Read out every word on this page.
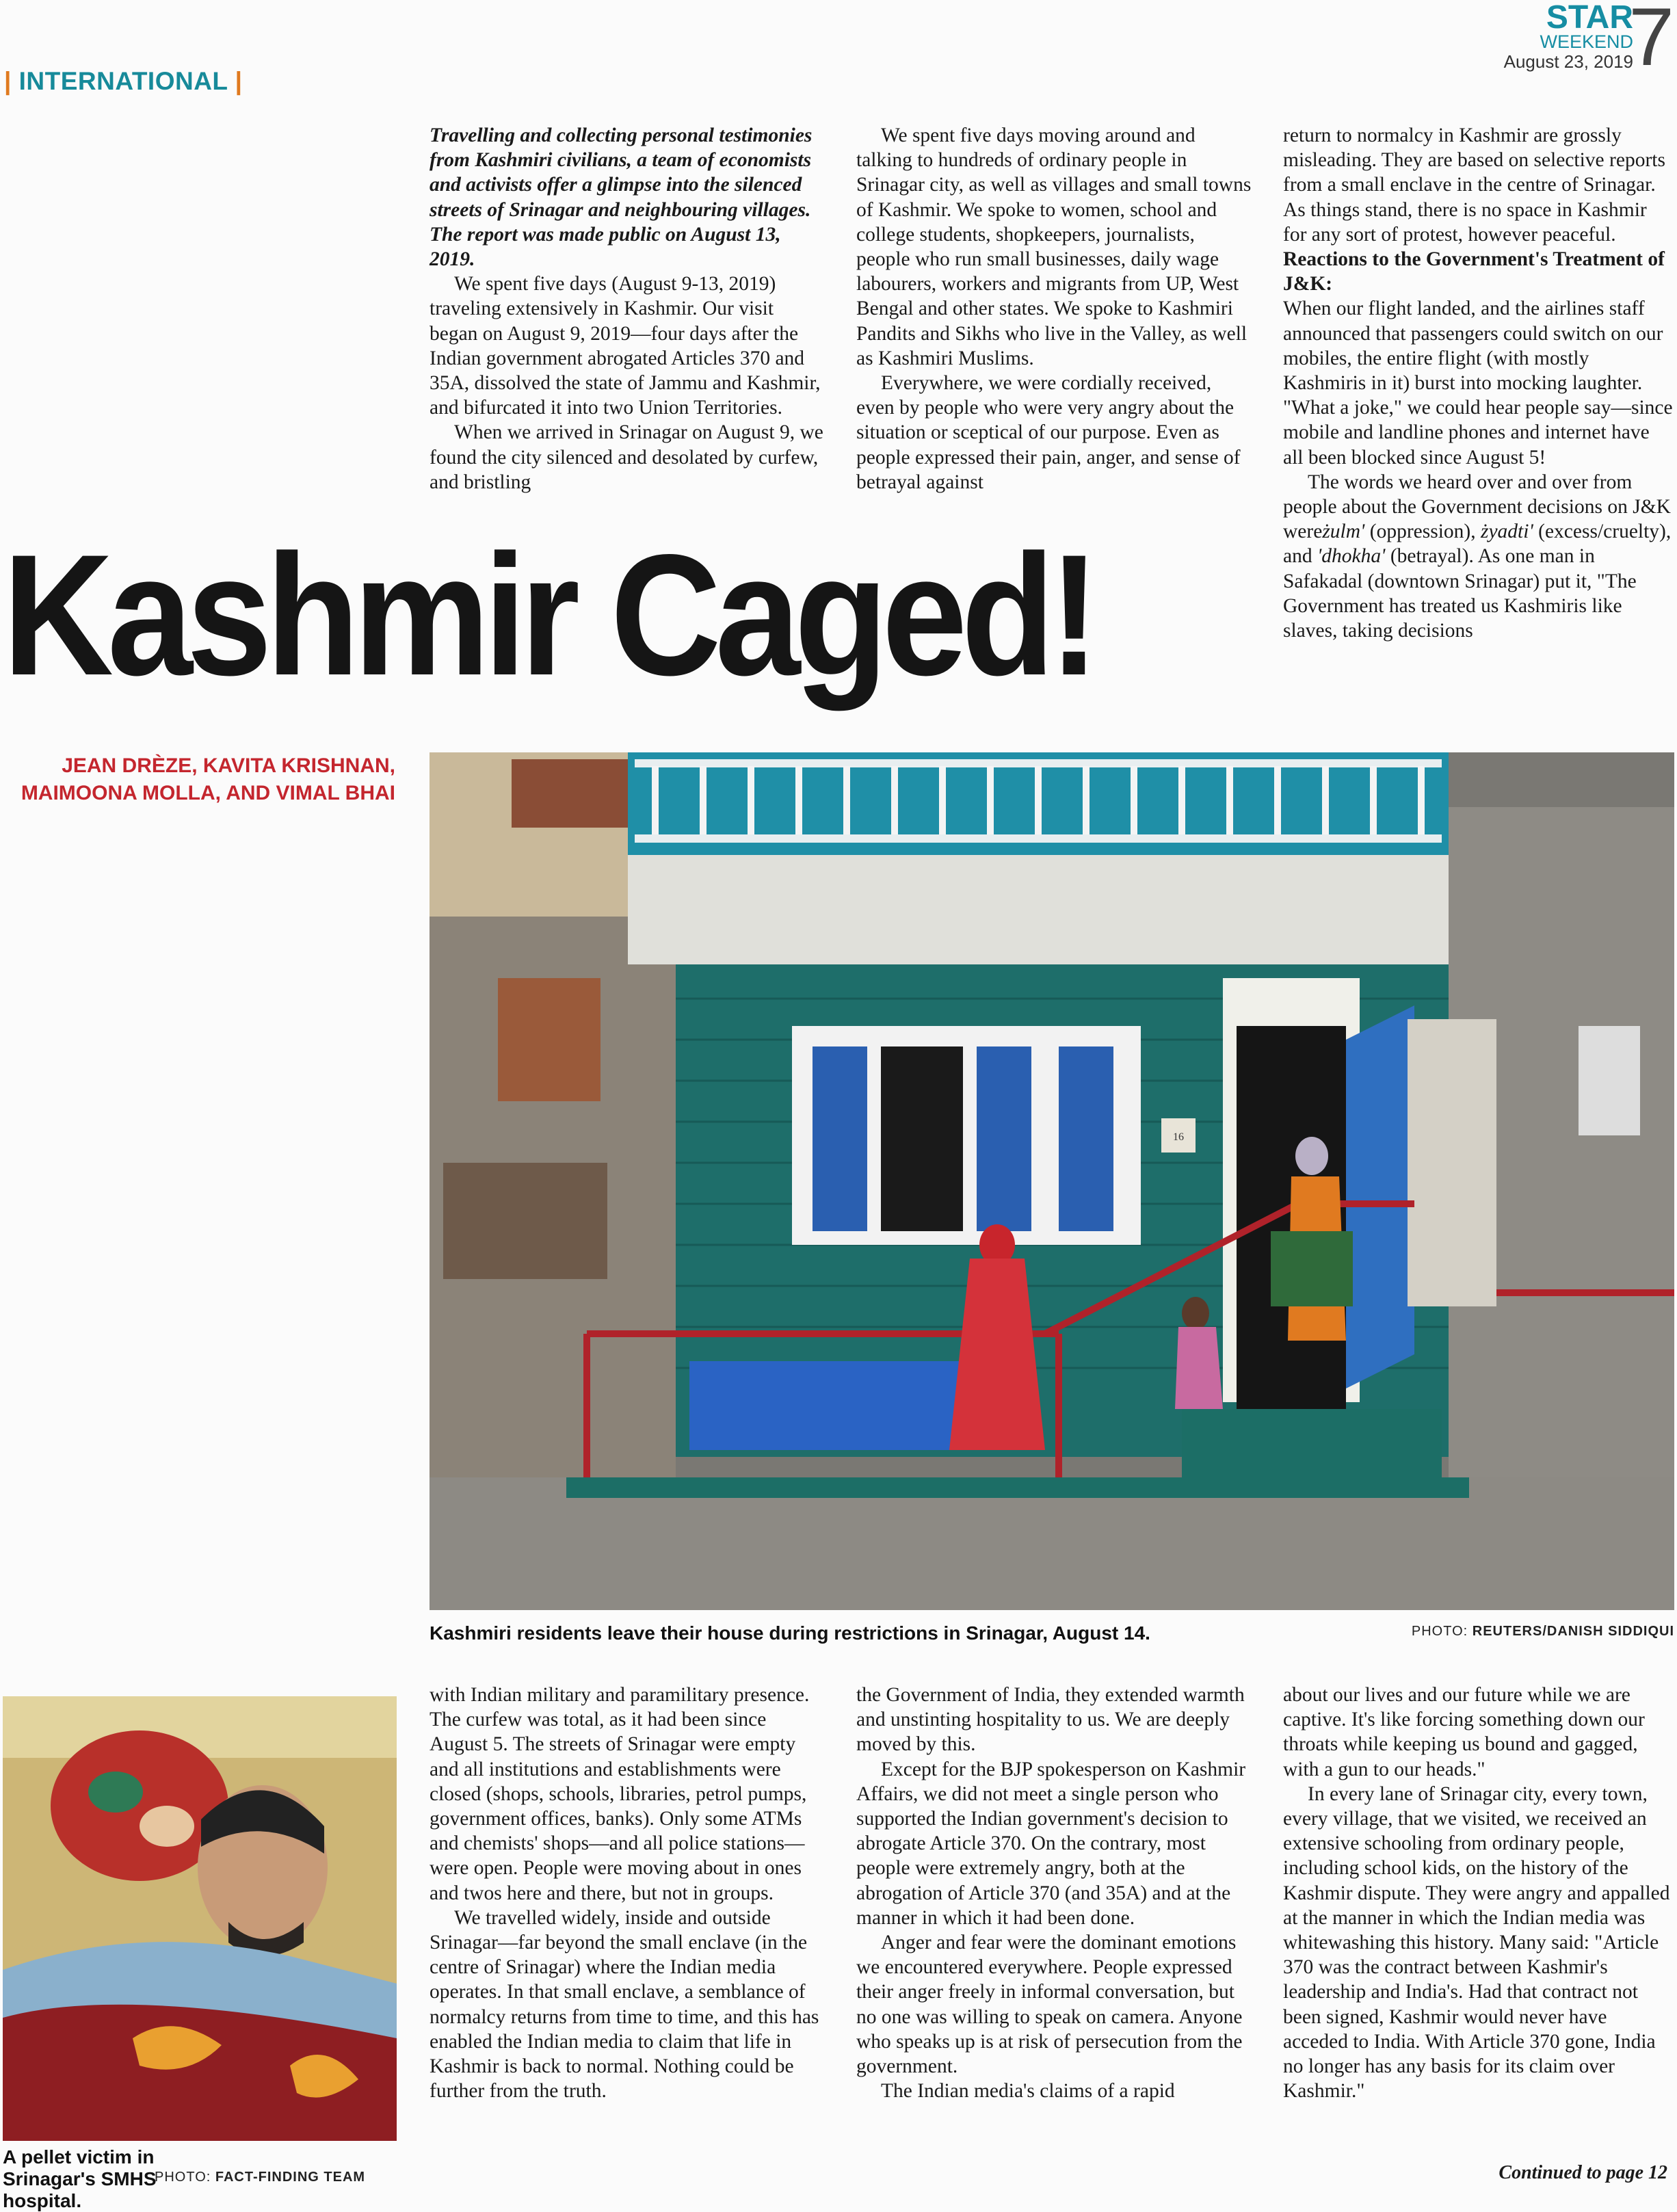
| INTERNATIONAL |
STAR
WEEKEND
August 23, 2019
7

Travelling and collecting personal testimonies from Kashmiri civilians, a team of economists and activists offer a glimpse into the silenced streets of Srinagar and neighbouring villages. The report was made public on August 13, 2019.

We spent five days (August 9-13, 2019) traveling extensively in Kashmir. Our visit began on August 9, 2019—four days after the Indian government abrogated Articles 370 and 35A, dissolved the state of Jammu and Kashmir, and bifurcated it into two Union Territories.

When we arrived in Srinagar on August 9, we found the city silenced and desolated by curfew, and bristling

We spent five days moving around and talking to hundreds of ordinary people in Srinagar city, as well as villages and small towns of Kashmir. We spoke to women, school and college students, shopkeepers, journalists, people who run small businesses, daily wage labourers, workers and migrants from UP, West Bengal and other states. We spoke to Kashmiri Pandits and Sikhs who live in the Valley, as well as Kashmiri Muslims.

Everywhere, we were cordially received, even by people who were very angry about the situation or sceptical of our purpose. Even as people expressed their pain, anger, and sense of betrayal against

return to normalcy in Kashmir are grossly misleading. They are based on selective reports from a small enclave in the centre of Srinagar. As things stand, there is no space in Kashmir for any sort of protest, however peaceful.

Reactions to the Government's Treatment of J&K:

When our flight landed, and the airlines staff announced that passengers could switch on our mobiles, the entire flight (with mostly Kashmiris in it) burst into mocking laughter. "What a joke," we could hear people say—since mobile and landline phones and internet have all been blocked since August 5!

The words we heard over and over from people about the Government decisions on J&K wereżulm' (oppression), żyadti' (excess/cruelty), and 'dhokha' (betrayal). As one man in Safakadal (downtown Srinagar) put it, "The Government has treated us Kashmiris like slaves, taking decisions

Kashmir Caged!
JEAN DRÈZE, KAVITA KRISHNAN,
MAIMOONA MOLLA, AND VIMAL BHAI
16
Kashmiri residents leave their house during restrictions in Srinagar, August 14.	PHOTO: REUTERS/DANISH SIDDIQUI
A pellet victim in Srinagar's SMHS hospital.
PHOTO: FACT-FINDING TEAM

with Indian military and paramilitary presence. The curfew was total, as it had been since August 5. The streets of Srinagar were empty and all institutions and establishments were closed (shops, schools, libraries, petrol pumps, government offices, banks). Only some ATMs and chemists' shops—and all police stations—were open. People were moving about in ones and twos here and there, but not in groups.

We travelled widely, inside and outside Srinagar—far beyond the small enclave (in the centre of Srinagar) where the Indian media operates. In that small enclave, a semblance of normalcy returns from time to time, and this has enabled the Indian media to claim that life in Kashmir is back to normal. Nothing could be further from the truth.

the Government of India, they extended warmth and unstinting hospitality to us. We are deeply moved by this.

Except for the BJP spokesperson on Kashmir Affairs, we did not meet a single person who supported the Indian government's decision to abrogate Article 370. On the contrary, most people were extremely angry, both at the abrogation of Article 370 (and 35A) and at the manner in which it had been done.

Anger and fear were the dominant emotions we encountered everywhere. People expressed their anger freely in informal conversation, but no one was willing to speak on camera. Anyone who speaks up is at risk of persecution from the government.

The Indian media's claims of a rapid

about our lives and our future while we are captive. It's like forcing something down our throats while keeping us bound and gagged, with a gun to our heads."

In every lane of Srinagar city, every town, every village, that we visited, we received an extensive schooling from ordinary people, including school kids, on the history of the Kashmir dispute. They were angry and appalled at the manner in which the Indian media was whitewashing this history. Many said: "Article 370 was the contract between Kashmir's leadership and India's. Had that contract not been signed, Kashmir would never have acceded to India. With Article 370 gone, India no longer has any basis for its claim over Kashmir."

Continued to page 12
